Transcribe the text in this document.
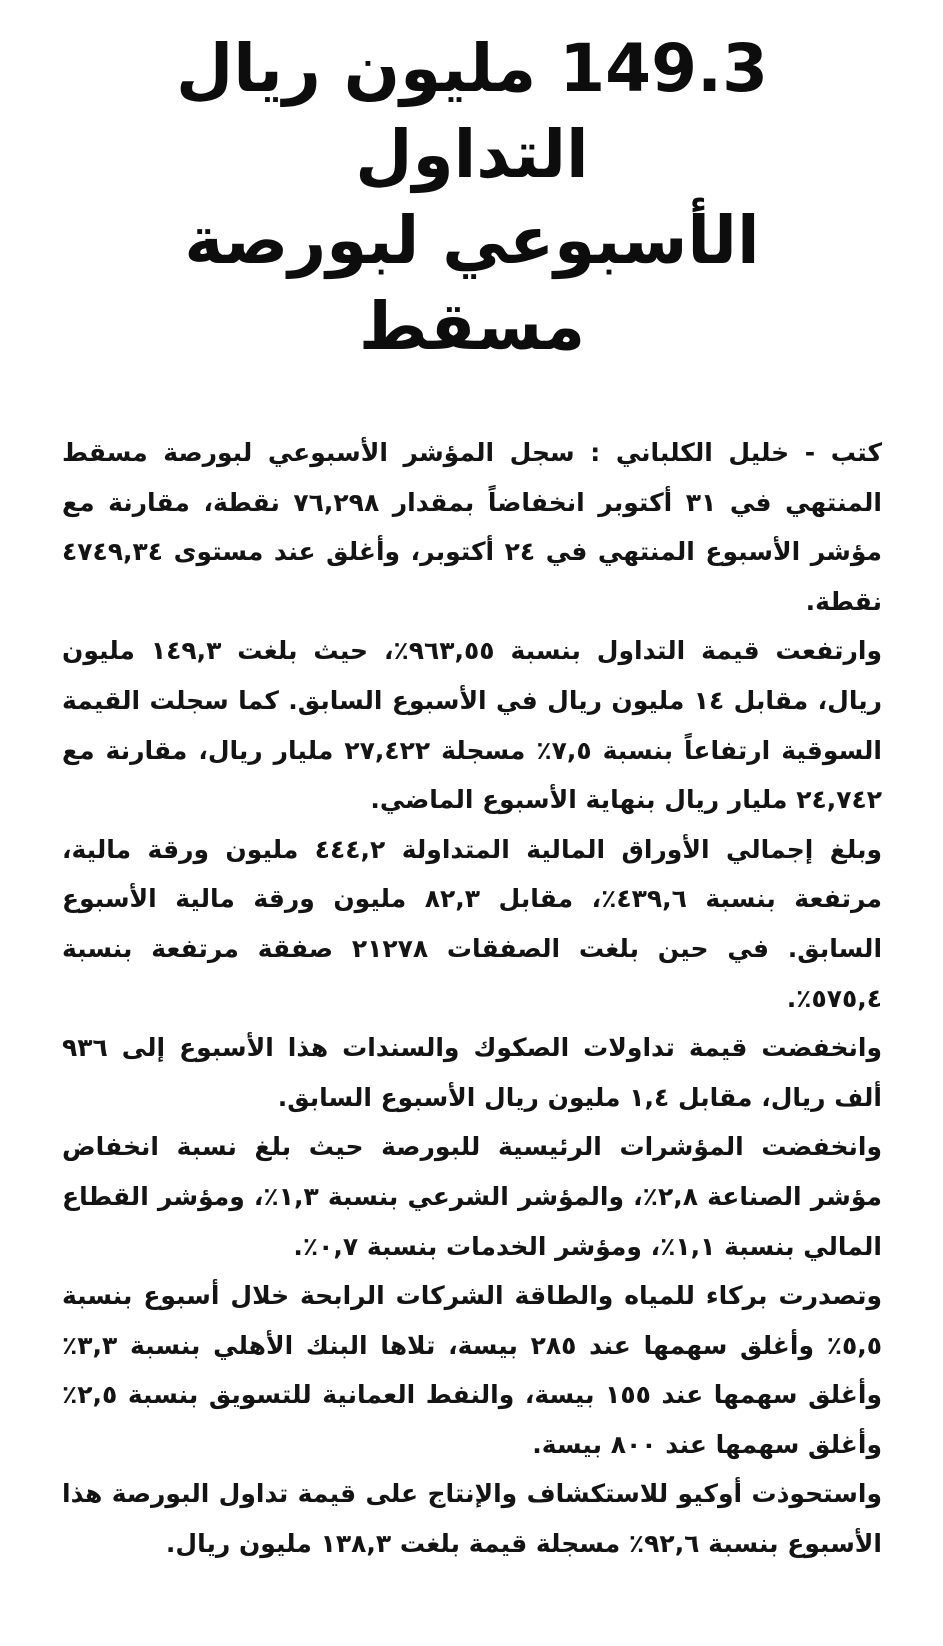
149.3 مليون ريال التداول
الأسبوعي لبورصة مسقط

كتب - خليل الكلباني : سجل المؤشر الأسبوعي لبورصة مسقط المنتهي في ٣١ أكتوبر انخفاضاً بمقدار ٧٦,٢٩٨ نقطة، مقارنة مع مؤشر الأسبوع المنتهي في ٢٤ أكتوبر، وأغلق عند مستوى ٤٧٤٩,٣٤ نقطة.

وارتفعت قيمة التداول بنسبة ٩٦٣,٥٥٪، حيث بلغت ١٤٩,٣ مليون ريال، مقابل ١٤ مليون ريال في الأسبوع السابق. كما سجلت القيمة السوقية ارتفاعاً بنسبة ٧,٥٪ مسجلة ٢٧,٤٢٢ مليار ريال، مقارنة مع ٢٤,٧٤٢ مليار ريال بنهاية الأسبوع الماضي.

وبلغ إجمالي الأوراق المالية المتداولة ٤٤٤,٢ مليون ورقة مالية، مرتفعة بنسبة ٤٣٩,٦٪، مقابل ٨٢,٣ مليون ورقة مالية الأسبوع السابق. في حين بلغت الصفقات ٢١٢٧٨ صفقة مرتفعة بنسبة ٥٧٥,٤٪.

وانخفضت قيمة تداولات الصكوك والسندات هذا الأسبوع إلى ٩٣٦ ألف ريال، مقابل ١,٤ مليون ريال الأسبوع السابق.

وانخفضت المؤشرات الرئيسية للبورصة حيث بلغ نسبة انخفاض مؤشر الصناعة ٢,٨٪، والمؤشر الشرعي بنسبة ١,٣٪، ومؤشر القطاع المالي بنسبة ١,١٪، ومؤشر الخدمات بنسبة ٠,٧٪.

وتصدرت بركاء للمياه والطاقة الشركات الرابحة خلال أسبوع بنسبة ٥,٥٪ وأغلق سهمها عند ٢٨٥ بيسة، تلاها البنك الأهلي بنسبة ٣,٣٪ وأغلق سهمها عند ١٥٥ بيسة، والنفط العمانية للتسويق بنسبة ٢,٥٪ وأغلق سهمها عند ٨٠٠ بيسة.

واستحوذت أوكيو للاستكشاف والإنتاج على قيمة تداول البورصة هذا الأسبوع بنسبة ٩٢,٦٪ مسجلة قيمة بلغت ١٣٨,٣ مليون ريال.
